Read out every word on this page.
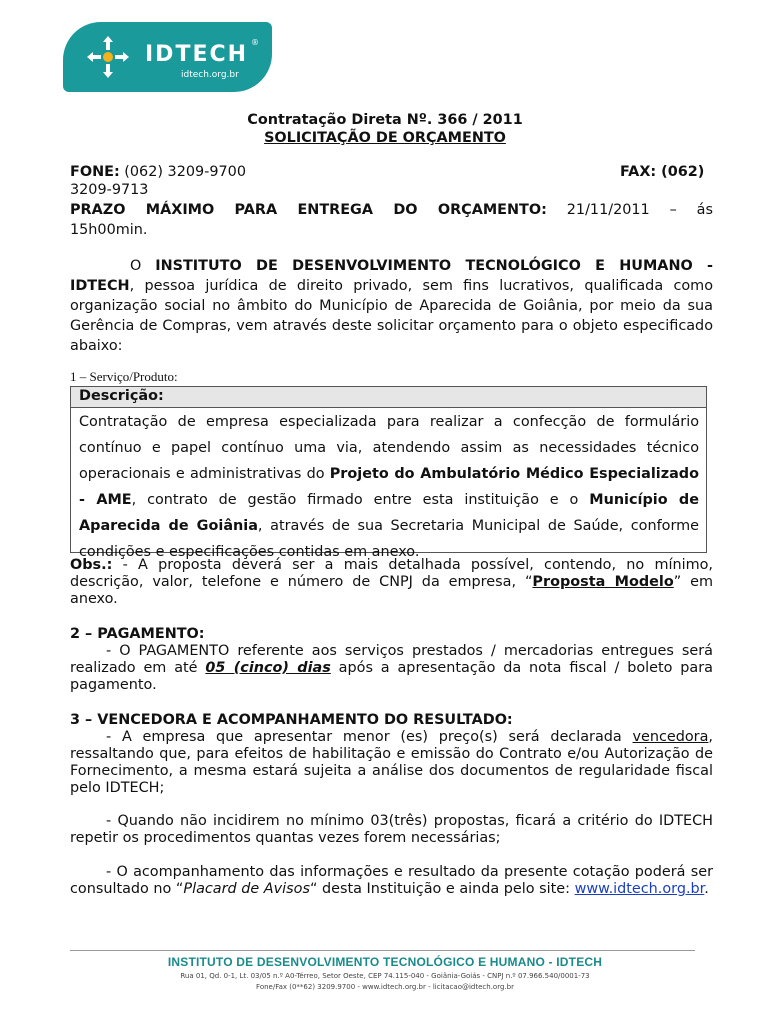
IDTECH ®
idtech.org.br

Contratação Direta Nº. 366 / 2011

SOLICITAÇÃO DE ORÇAMENTO

FONE: (062) 3209-9700	FAX: (062)

3209-9713

PRAZO MÁXIMO PARA ENTREGA DO ORÇAMENTO: 21/11/2011 – ás

15h00min.

O INSTITUTO DE DESENVOLVIMENTO TECNOLÓGICO E HUMANO - IDTECH, pessoa jurídica de direito privado, sem fins lucrativos, qualificada como organização social no âmbito do Município de Aparecida de Goiânia, por meio da sua Gerência de Compras, vem através deste solicitar orçamento para o objeto especificado abaixo:

1 – Serviço/Produto:

Descrição:
Contratação de empresa especializada para realizar a confecção de formulário contínuo e papel contínuo uma via, atendendo assim as necessidades técnico operacionais e administrativas do Projeto do Ambulatório Médico Especializado - AME, contrato de gestão firmado entre esta instituição e o Município de Aparecida de Goiânia, através de sua Secretaria Municipal de Saúde, conforme condições e especificações contidas em anexo.

Obs.: - A proposta deverá ser a mais detalhada possível, contendo, no mínimo, descrição, valor, telefone e número de CNPJ da empresa, “Proposta Modelo” em anexo.

2 – PAGAMENTO:

- O PAGAMENTO referente aos serviços prestados / mercadorias entregues será realizado em até 05 (cinco) dias após a apresentação da nota fiscal / boleto para pagamento.

3 – VENCEDORA E ACOMPANHAMENTO DO RESULTADO:

- A empresa que apresentar menor (es) preço(s) será declarada vencedora, ressaltando que, para efeitos de habilitação e emissão do Contrato e/ou Autorização de Fornecimento, a mesma estará sujeita a análise dos documentos de regularidade fiscal pelo IDTECH;

- Quando não incidirem no mínimo 03(três) propostas, ficará a critério do IDTECH repetir os procedimentos quantas vezes forem necessárias;

- O acompanhamento das informações e resultado da presente cotação poderá ser consultado no “Placard de Avisos“ desta Instituição e ainda pelo site: www.idtech.org.br.

INSTITUTO DE DESENVOLVIMENTO TECNOLÓGICO E HUMANO - IDTECH
Rua 01, Qd. 0-1, Lt. 03/05 n.º A0-Térreo, Setor Oeste, CEP 74.115-040 - Goiânia-Goiás - CNPJ n.º 07.966.540/0001-73
Fone/Fax (0**62) 3209.9700 - www.idtech.org.br - licitacao@idtech.org.br
